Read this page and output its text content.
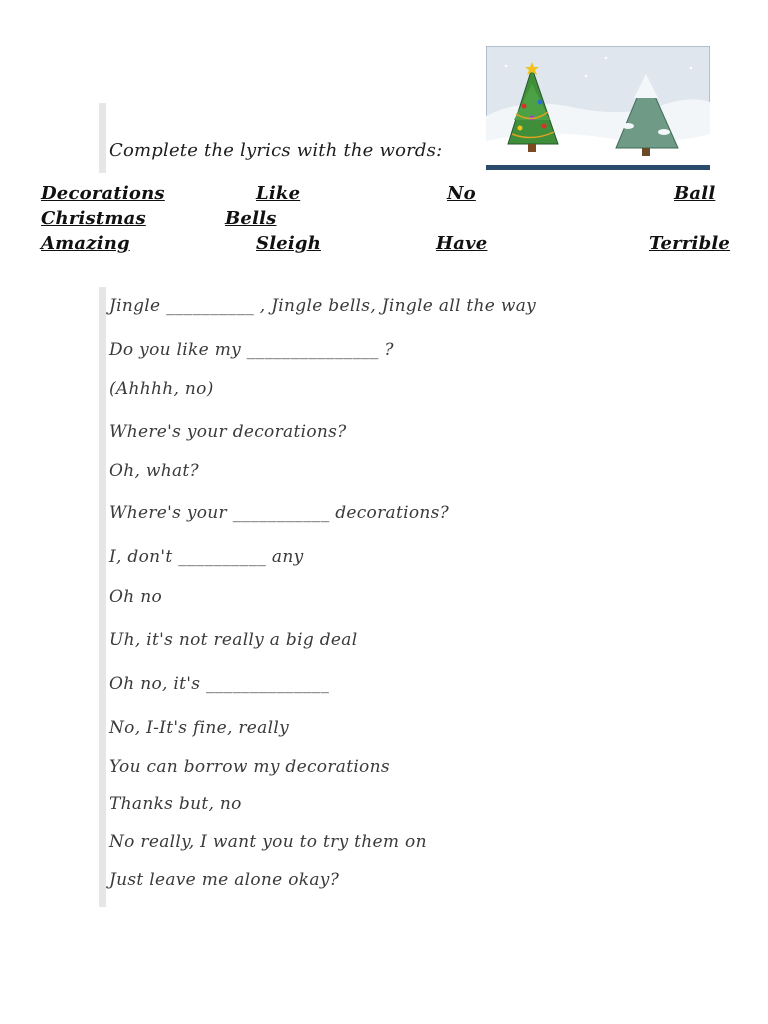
Complete the lyrics with the words:
Decorations	Like	No	Ball
Christmas	Bells
Amazing	Sleigh	Have	Terrible
Jingle __________ , Jingle bells, Jingle all the way
Do you like my _______________ ?
(Ahhhh, no)
Where's your decorations?
Oh, what?
Where's your ___________ decorations?
I, don't __________ any
Oh no
Uh, it's not really a big deal
Oh no, it's ______________
No, I-It's fine, really
You can borrow my decorations
Thanks but, no
No really, I want you to try them on
Just leave me alone okay?
